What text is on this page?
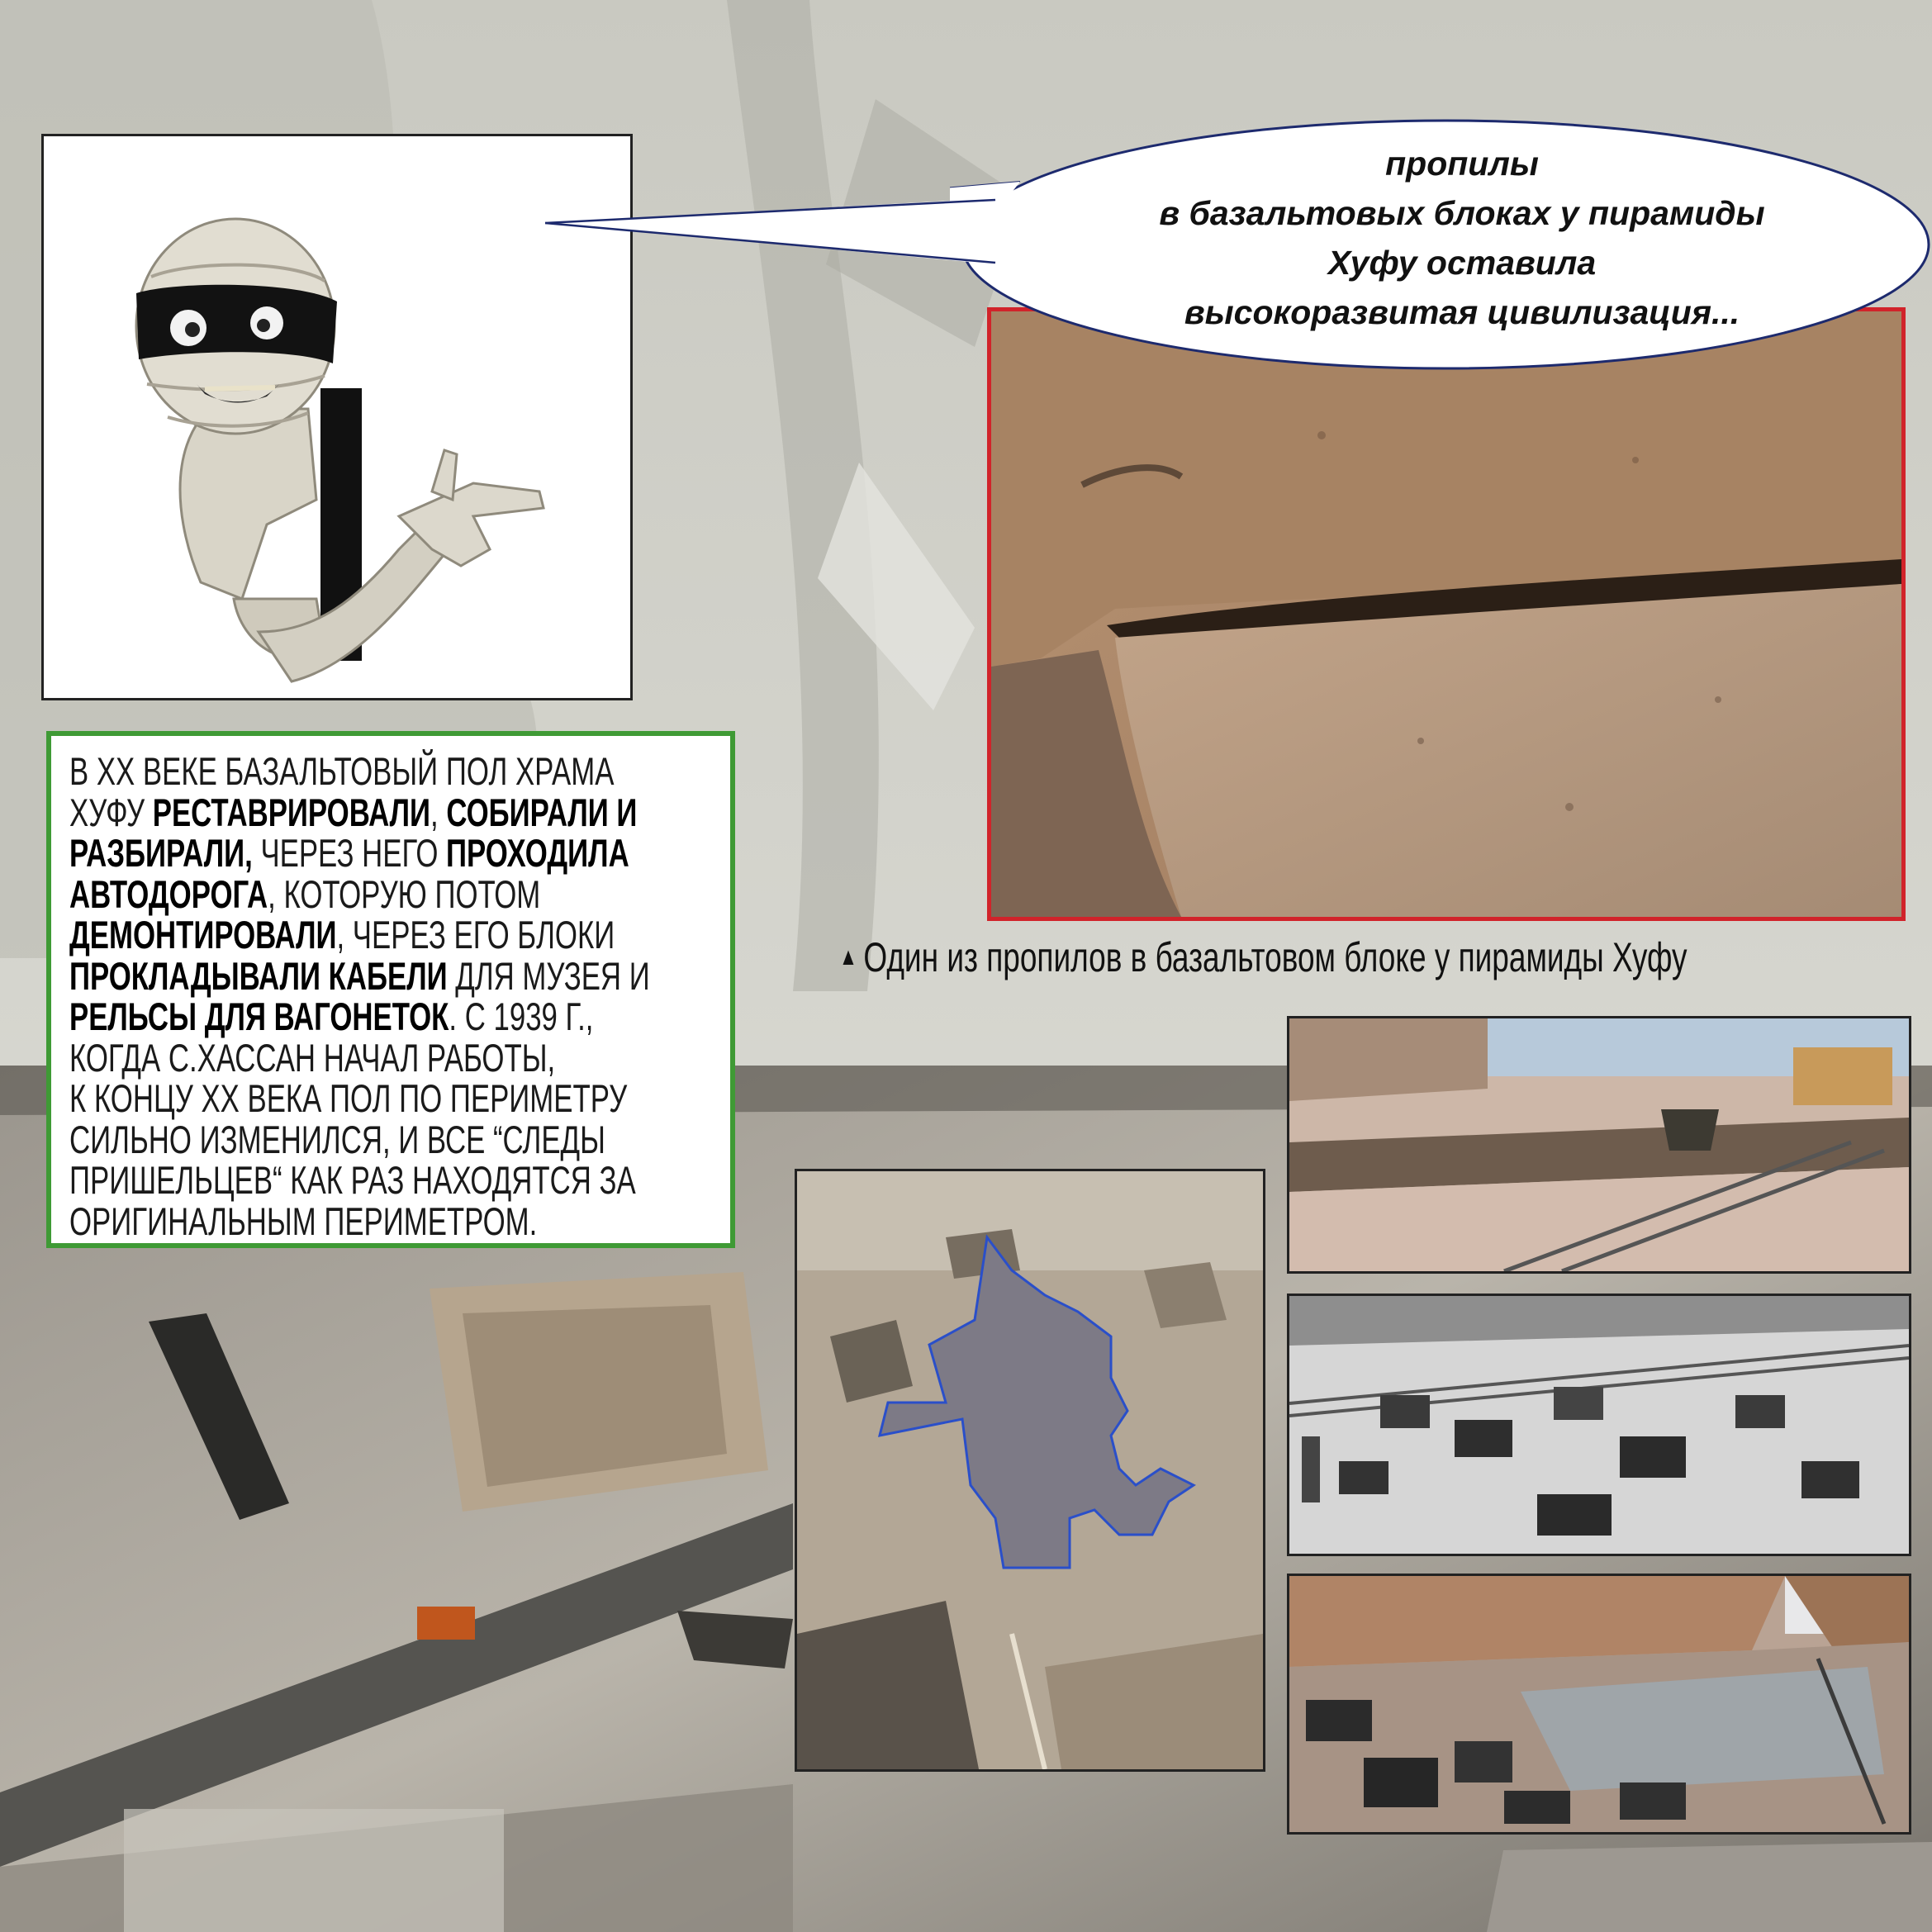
пропилы
в базальтовых блоках у пирамиды
Хуфу оставила
высокоразвитая цивилизация...
▲ Один из пропилов в базальтовом блоке у пирамиды Хуфу
В XX ВЕКЕ БАЗАЛЬТОВЫЙ ПОЛ ХРАМА
ХУФУ РЕСТАВРИРОВАЛИ, СОБИРАЛИ И
РАЗБИРАЛИ, ЧЕРЕЗ НЕГО ПРОХОДИЛА
АВТОДОРОГА, КОТОРУЮ ПОТОМ
ДЕМОНТИРОВАЛИ, ЧЕРЕЗ ЕГО БЛОКИ
ПРОКЛАДЫВАЛИ КАБЕЛИ ДЛЯ МУЗЕЯ И
РЕЛЬСЫ ДЛЯ ВАГОНЕТОК. С 1939 Г.,
КОГДА С.ХАССАН НАЧАЛ РАБОТЫ,
К КОНЦУ XX ВЕКА ПОЛ ПО ПЕРИМЕТРУ
СИЛЬНО ИЗМЕНИЛСЯ, И ВСЕ “СЛЕДЫ
ПРИШЕЛЬЦЕВ“ КАК РАЗ НАХОДЯТСЯ ЗА
ОРИГИНАЛЬНЫМ ПЕРИМЕТРОМ.
